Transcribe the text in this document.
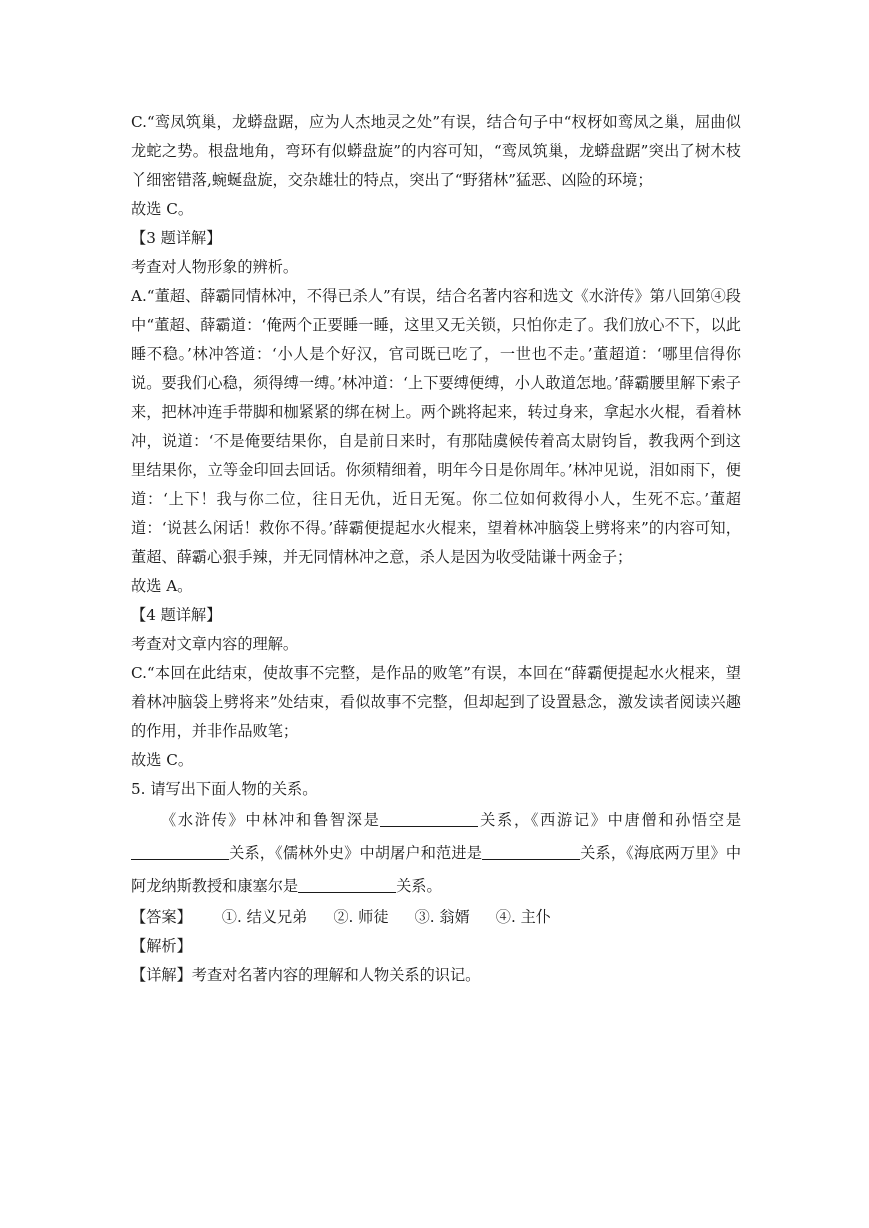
C.“鸾凤筑巢，龙蟒盘踞，应为人杰地灵之处”有误，结合句子中“杈枒如鸾凤之巢，屈曲似龙蛇之势。根盘地角，弯环有似蟒盘旋”的内容可知，“鸾凤筑巢，龙蟒盘踞”突出了树木枝丫细密错落,蜿蜒盘旋，交杂雄壮的特点，突出了“野猪林”猛恶、凶险的环境；

故选 C。

【3 题详解】

考查对人物形象的辨析。

A.“董超、薛霸同情林冲，不得已杀人”有误，结合名著内容和选文《水浒传》第八回第④段中“董超、薛霸道：‘俺两个正要睡一睡，这里又无关锁，只怕你走了。我们放心不下，以此睡不稳。’林冲答道：‘小人是个好汉，官司既已吃了，一世也不走。’董超道：‘哪里信得你说。要我们心稳，须得缚一缚。’林冲道：‘上下要缚便缚，小人敢道怎地。’薛霸腰里解下索子来，把林冲连手带脚和枷紧紧的绑在树上。两个跳将起来，转过身来，拿起水火棍，看着林冲，说道：‘不是俺要结果你，自是前日来时，有那陆虞候传着高太尉钧旨，教我两个到这里结果你，立等金印回去回话。你须精细着，明年今日是你周年。’林冲见说，泪如雨下，便道：‘上下！我与你二位，往日无仇，近日无冤。你二位如何救得小人，生死不忘。’董超道：‘说甚么闲话！救你不得。’薛霸便提起水火棍来，望着林冲脑袋上劈将来”的内容可知，董超、薛霸心狠手辣，并无同情林冲之意，杀人是因为收受陆谦十两金子；

故选 A。

【4 题详解】

考查对文章内容的理解。

C.“本回在此结束，使故事不完整，是作品的败笔”有误，本回在“薛霸便提起水火棍来，望着林冲脑袋上劈将来”处结束，看似故事不完整，但却起到了设置悬念，激发读者阅读兴趣的作用，并非作品败笔；

故选 C。

5. 请写出下面人物的关系。

《水浒传》中林冲和鲁智深是	关系，《西游记》中唐僧和孙悟空是关系，《儒林外史》中胡屠户和范进是	关系，《海底两万里》中阿龙纳斯教授和康塞尔是	关系。

【答案】 ①. 结义兄弟 ②. 师徒 ③. 翁婿 ④. 主仆

【解析】

【详解】考查对名著内容的理解和人物关系的识记。
